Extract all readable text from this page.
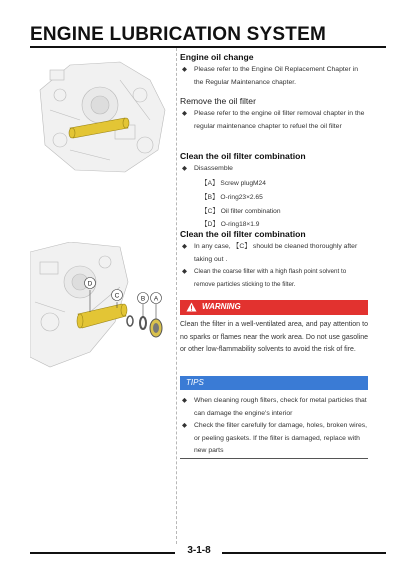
ENGINE LUBRICATION SYSTEM
D
C	B A
Engine oil change
◆	Please refer to the Engine Oil Replacement Chapter in the Regular Maintenance chapter.
Remove the oil filter
◆	Please refer to the engine oil filter removal chapter in the regular maintenance chapter to refuel the oil filter
Clean the oil filter combination
◆	Disassemble
【A】 Screw plugM24
【B】 O-ring23×2.65
【C】 Oil filter combination
【D】 O-ring18×1.9
Clean the oil filter combination
◆	In any case, 【C】 should be cleaned thoroughly after taking out .
◆	Clean the coarse filter with a high flash point solvent to remove particles sticking to the filter.
WARNING
Clean the filter in a well-ventilated area, and pay attention to no sparks or flames near the work area. Do not use gasoline or other low-flammability solvents to avoid the risk of fire.
TIPS
◆	When cleaning rough filters, check for metal particles that can damage the engine's interior
◆	Check the filter carefully for damage, holes, broken wires, or peeling gaskets. If the filter is damaged, replace with new parts
3-1-8
